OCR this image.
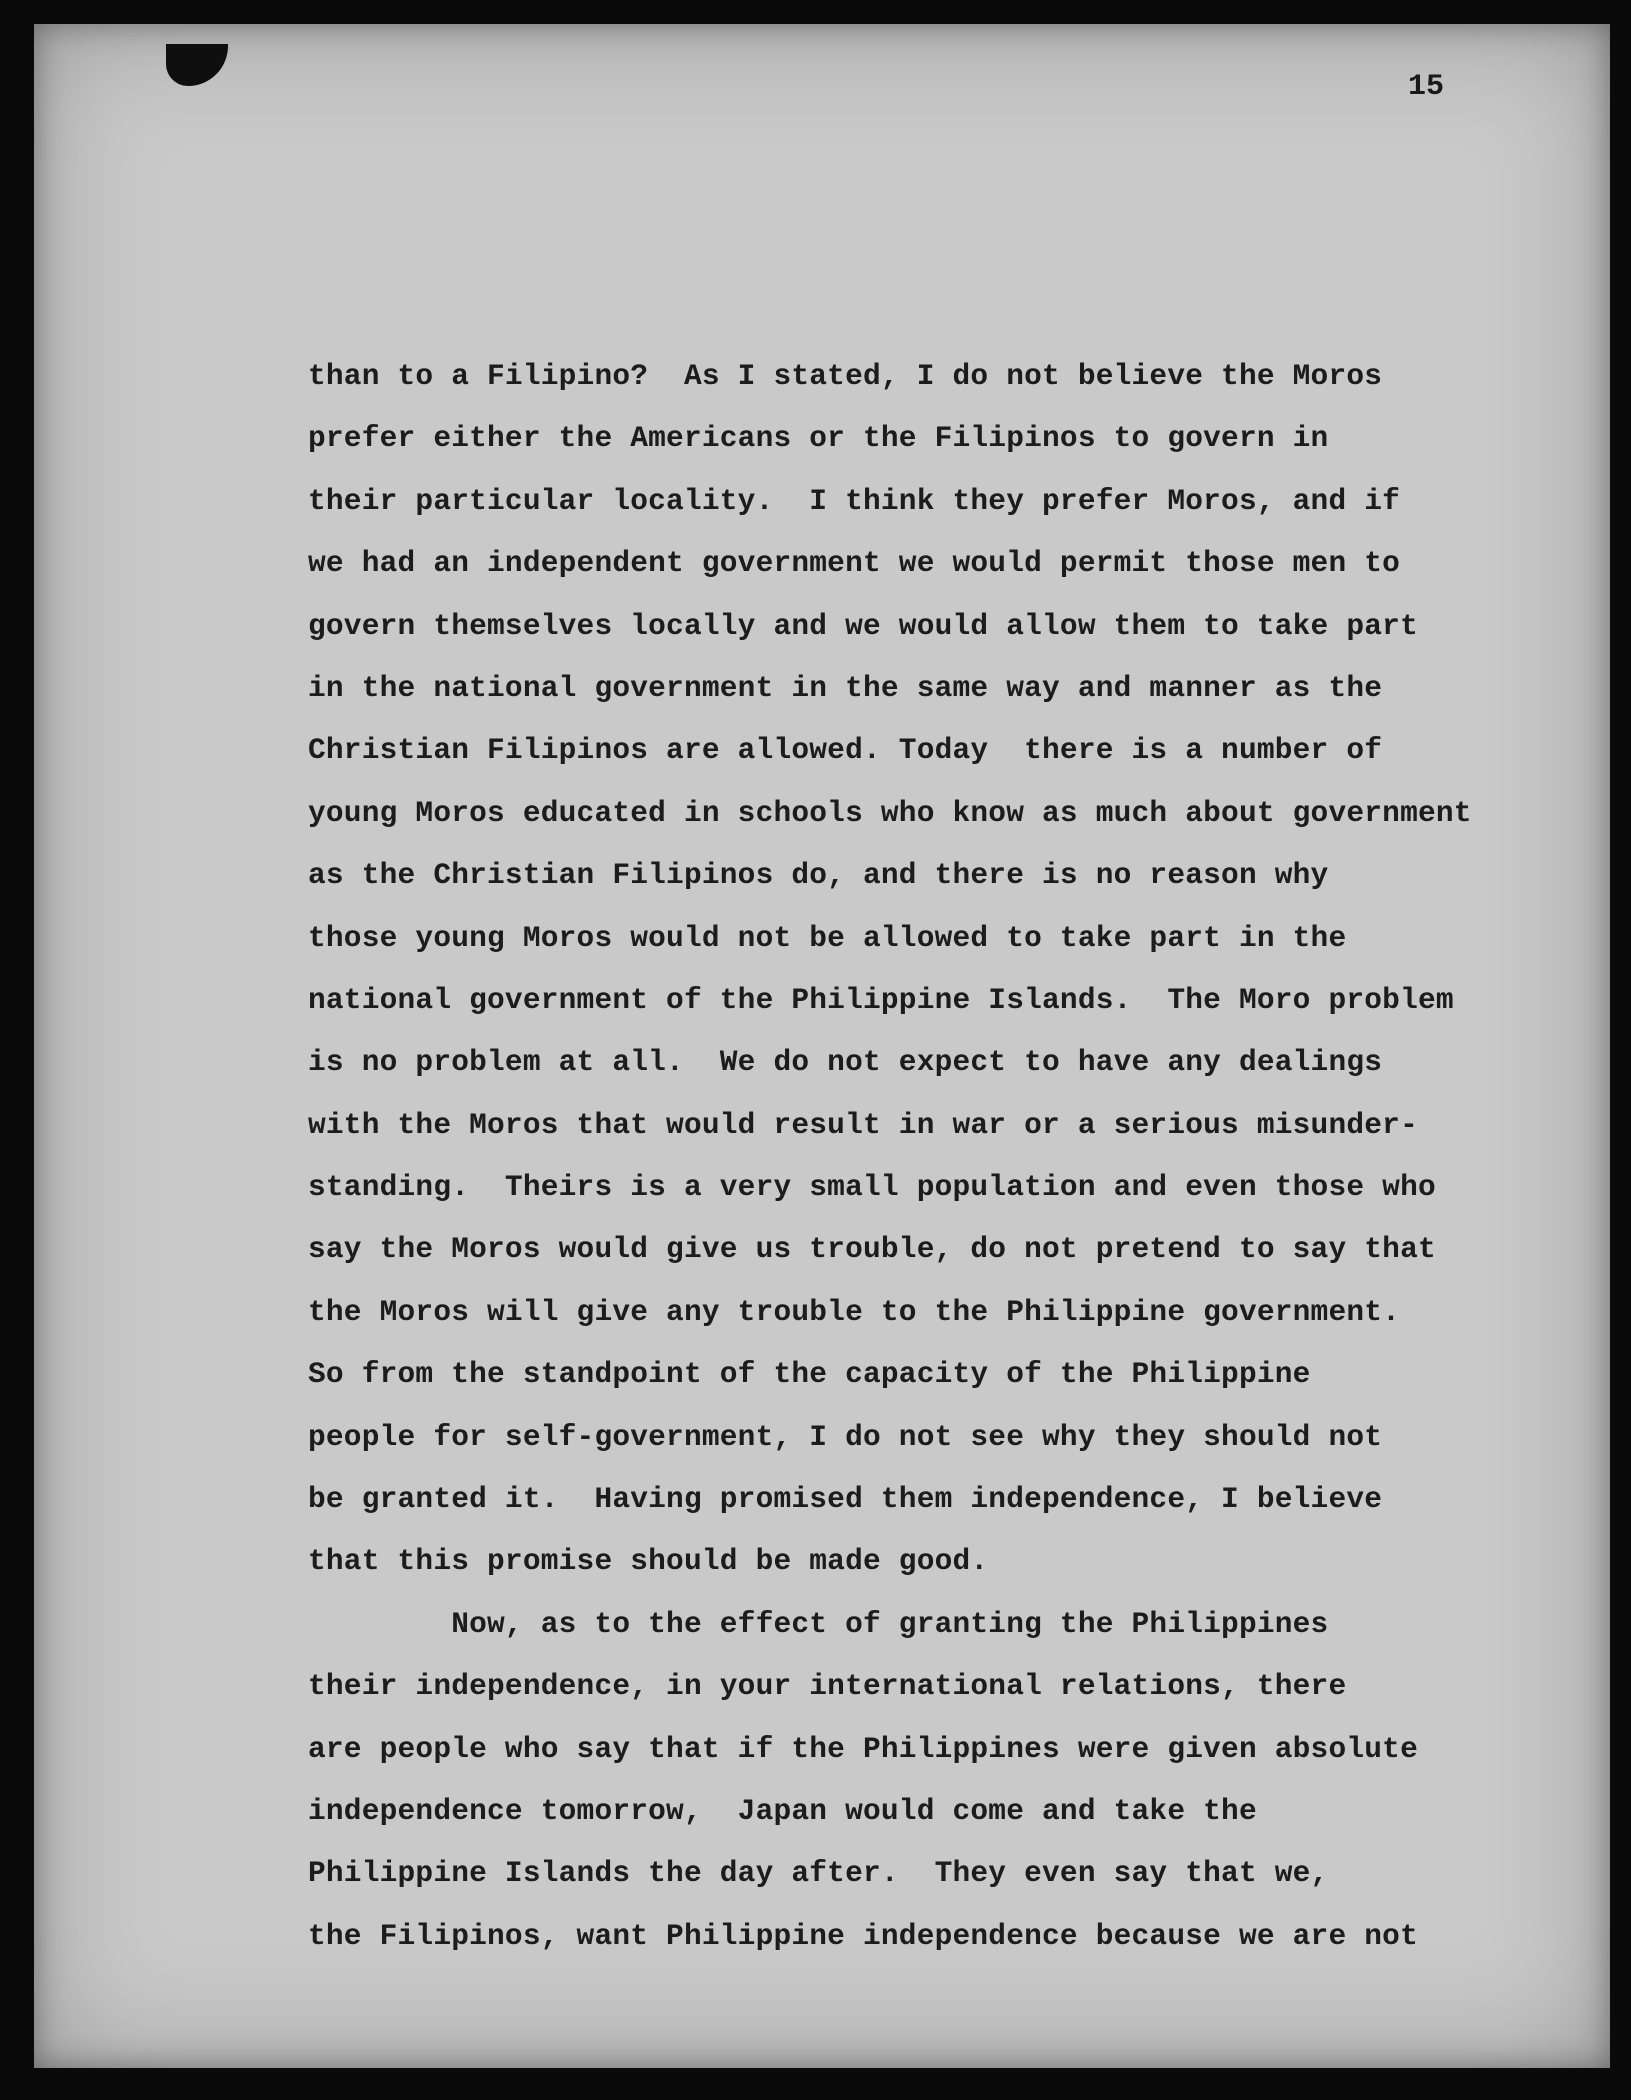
15
than to a Filipino?  As I stated, I do not believe the Moros
prefer either the Americans or the Filipinos to govern in
their particular locality.  I think they prefer Moros, and if
we had an independent government we would permit those men to
govern themselves locally and we would allow them to take part
in the national government in the same way and manner as the
Christian Filipinos are allowed. Today  there is a number of
young Moros educated in schools who know as much about government
as the Christian Filipinos do, and there is no reason why
those young Moros would not be allowed to take part in the
national government of the Philippine Islands.  The Moro problem
is no problem at all.  We do not expect to have any dealings
with the Moros that would result in war or a serious misunder-
standing.  Theirs is a very small population and even those who
say the Moros would give us trouble, do not pretend to say that
the Moros will give any trouble to the Philippine government.
So from the standpoint of the capacity of the Philippine
people for self-government, I do not see why they should not
be granted it.  Having promised them independence, I believe
that this promise should be made good.
Now, as to the effect of granting the Philippines
their independence, in your international relations, there
are people who say that if the Philippines were given absolute
independence tomorrow,  Japan would come and take the
Philippine Islands the day after.  They even say that we,
the Filipinos, want Philippine independence because we are not
